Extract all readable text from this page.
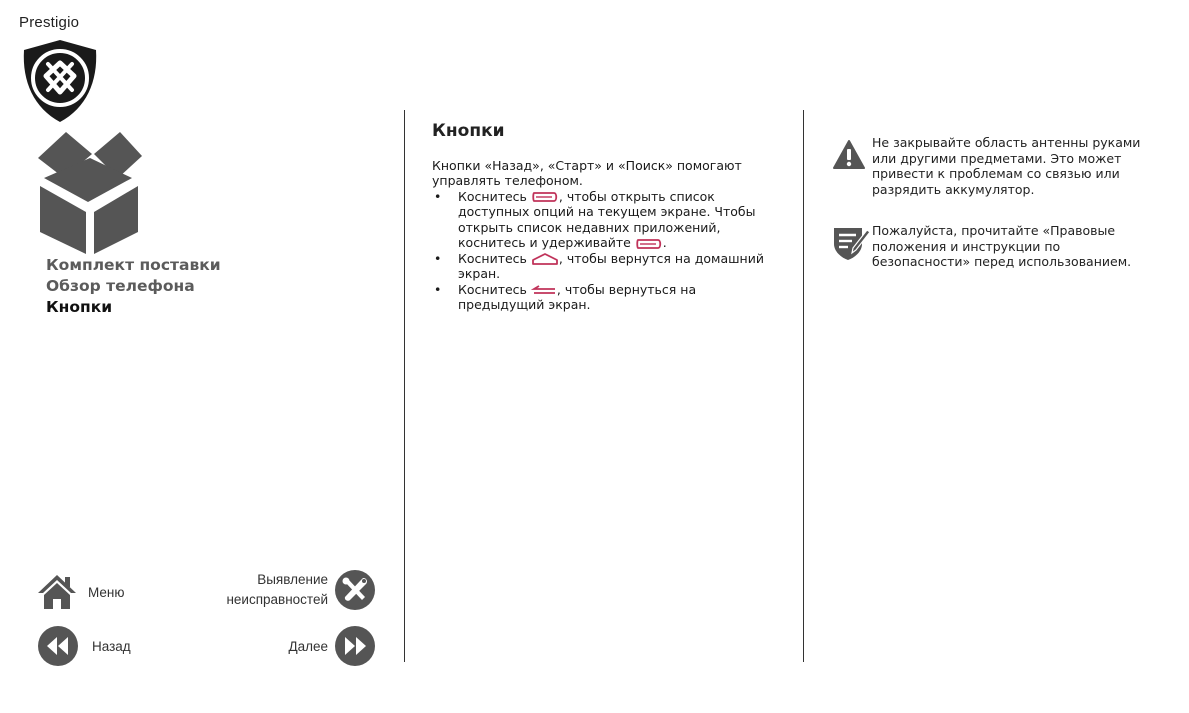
Prestigio
Комплект поставки
Обзор телефона
Кнопки
Меню
Выявление неисправностей
Назад	Далее
Кнопки

Кнопки «Назад», «Старт» и «Поиск» помогают управлять телефоном.

• Коснитесь , чтобы открыть список доступных опций на текущем экране. Чтобы открыть список недавних приложений, коснитесь и удерживайте .
• Коснитесь , чтобы вернутся на домашний экран.
• Коснитесь , чтобы вернуться на предыдущий экран.
Не закрывайте область антенны руками или другими предметами. Это может привести к проблемам со связью или разрядить аккумулятор.
Пожалуйста, прочитайте «Правовые положения и инструкции по безопасности» перед использованием.
